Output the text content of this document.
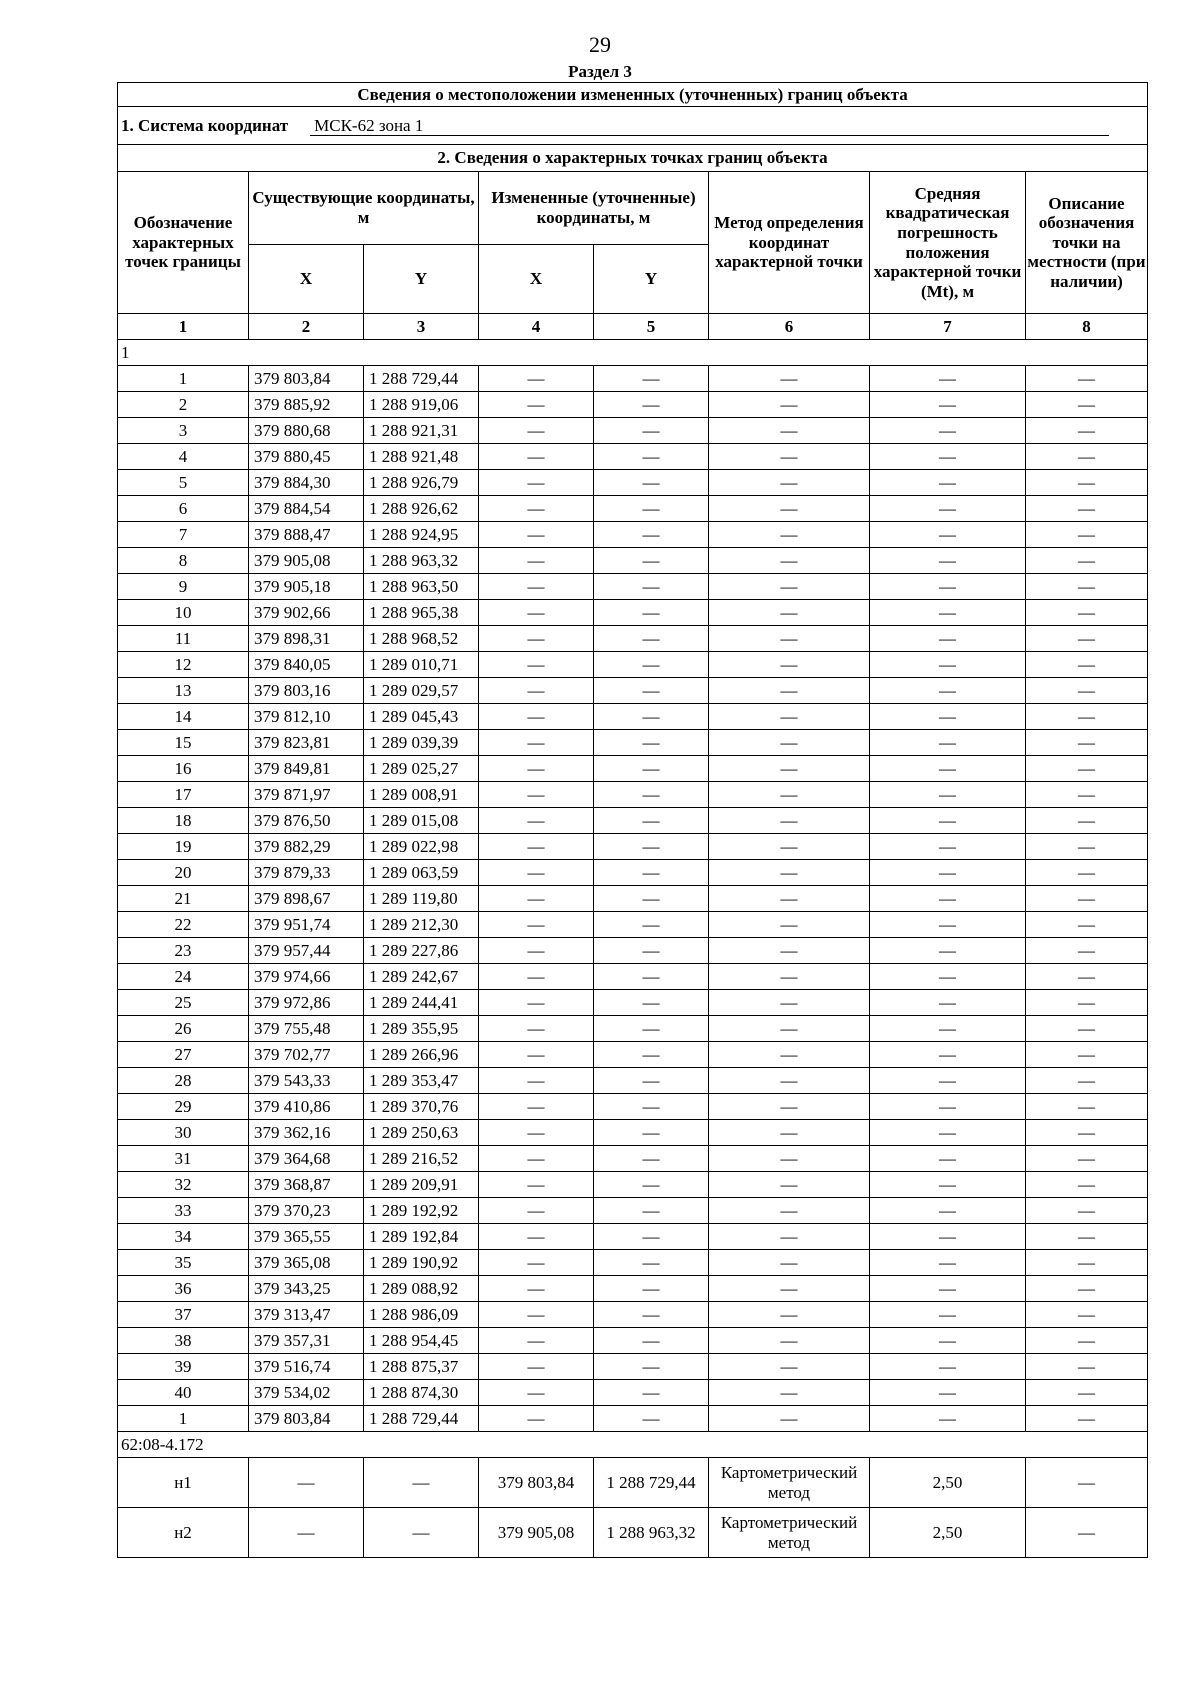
29
Раздел 3
Сведения о местоположении измененных (уточненных) границ объекта							
1. Система координат МСК-62 зона 1							
2. Сведения о характерных точках границ объекта							
Обозначение характерных точек границы	Существующие координаты, м		Измененные (уточненные) координаты, м		Метод определения координат характерной точки	Средняя квадратическая погрешность положения характерной точки (Mt), м	Описание обозначения точки на местности (при наличии)
	X	Y	X	Y			
1	2	3	4	5	6	7	8
1							
1	379 803,84	1 288 729,44	—	—	—	—	—
2	379 885,92	1 288 919,06	—	—	—	—	—
3	379 880,68	1 288 921,31	—	—	—	—	—
4	379 880,45	1 288 921,48	—	—	—	—	—
5	379 884,30	1 288 926,79	—	—	—	—	—
6	379 884,54	1 288 926,62	—	—	—	—	—
7	379 888,47	1 288 924,95	—	—	—	—	—
8	379 905,08	1 288 963,32	—	—	—	—	—
9	379 905,18	1 288 963,50	—	—	—	—	—
10	379 902,66	1 288 965,38	—	—	—	—	—
11	379 898,31	1 288 968,52	—	—	—	—	—
12	379 840,05	1 289 010,71	—	—	—	—	—
13	379 803,16	1 289 029,57	—	—	—	—	—
14	379 812,10	1 289 045,43	—	—	—	—	—
15	379 823,81	1 289 039,39	—	—	—	—	—
16	379 849,81	1 289 025,27	—	—	—	—	—
17	379 871,97	1 289 008,91	—	—	—	—	—
18	379 876,50	1 289 015,08	—	—	—	—	—
19	379 882,29	1 289 022,98	—	—	—	—	—
20	379 879,33	1 289 063,59	—	—	—	—	—
21	379 898,67	1 289 119,80	—	—	—	—	—
22	379 951,74	1 289 212,30	—	—	—	—	—
23	379 957,44	1 289 227,86	—	—	—	—	—
24	379 974,66	1 289 242,67	—	—	—	—	—
25	379 972,86	1 289 244,41	—	—	—	—	—
26	379 755,48	1 289 355,95	—	—	—	—	—
27	379 702,77	1 289 266,96	—	—	—	—	—
28	379 543,33	1 289 353,47	—	—	—	—	—
29	379 410,86	1 289 370,76	—	—	—	—	—
30	379 362,16	1 289 250,63	—	—	—	—	—
31	379 364,68	1 289 216,52	—	—	—	—	—
32	379 368,87	1 289 209,91	—	—	—	—	—
33	379 370,23	1 289 192,92	—	—	—	—	—
34	379 365,55	1 289 192,84	—	—	—	—	—
35	379 365,08	1 289 190,92	—	—	—	—	—
36	379 343,25	1 289 088,92	—	—	—	—	—
37	379 313,47	1 288 986,09	—	—	—	—	—
38	379 357,31	1 288 954,45	—	—	—	—	—
39	379 516,74	1 288 875,37	—	—	—	—	—
40	379 534,02	1 288 874,30	—	—	—	—	—
1	379 803,84	1 288 729,44	—	—	—	—	—
62:08-4.172							
н1	—	—	379 803,84	1 288 729,44	Картометрический метод	2,50	—
н2	—	—	379 905,08	1 288 963,32	Картометрический метод	2,50	—
